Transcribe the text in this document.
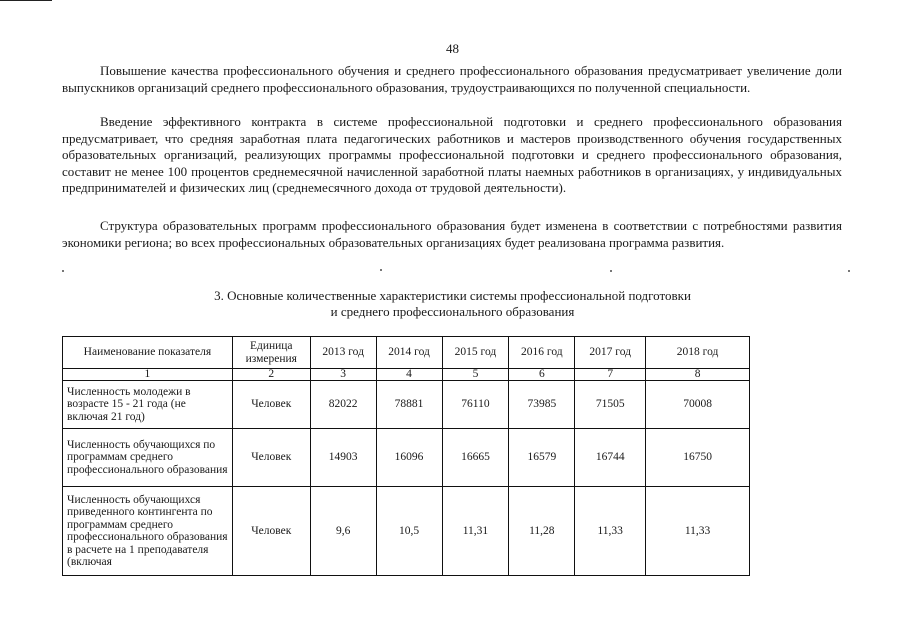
48

Повышение качества профессионального обучения и среднего профессионального образования предусматривает увеличение доли выпускников организаций среднего профессионального образования, трудоустраивающихся по полученной специальности.

Введение эффективного контракта в системе профессиональной подготовки и среднего профессионального образования предусматривает, что средняя заработная плата педагогических работников и мастеров производственного обучения государственных образовательных организаций, реализующих программы профессиональной подготовки и среднего профессионального образования, составит не менее 100 процентов среднемесячной начисленной заработной платы наемных работников в организациях, у индивидуальных предпринимателей и физических лиц (среднемесячного дохода от трудовой деятельности).

Структура образовательных программ профессионального образования будет изменена в соответствии с потребностями развития экономики региона; во всех профессиональных образовательных организациях будет реализована программа развития.

3. Основные количественные характеристики системы профессиональной подготовки
и среднего профессионального образования
Наименование показателя	Единица измерения	2013 год	2014 год	2015 год	2016 год	2017 год	2018 год
1	2	3	4	5	6	7	8
Численность молодежи в возрасте 15 - 21 года (не включая 21 год)	Человек	82022	78881	76110	73985	71505	70008
Численность обучающихся по программам среднего профессионального образования	Человек	14903	16096	16665	16579	16744	16750
Численность обучающихся приведенного контингента по программам среднего профессионального образования в расчете на 1 преподавателя (включая	Человек	9,6	10,5	11,31	11,28	11,33	11,33
